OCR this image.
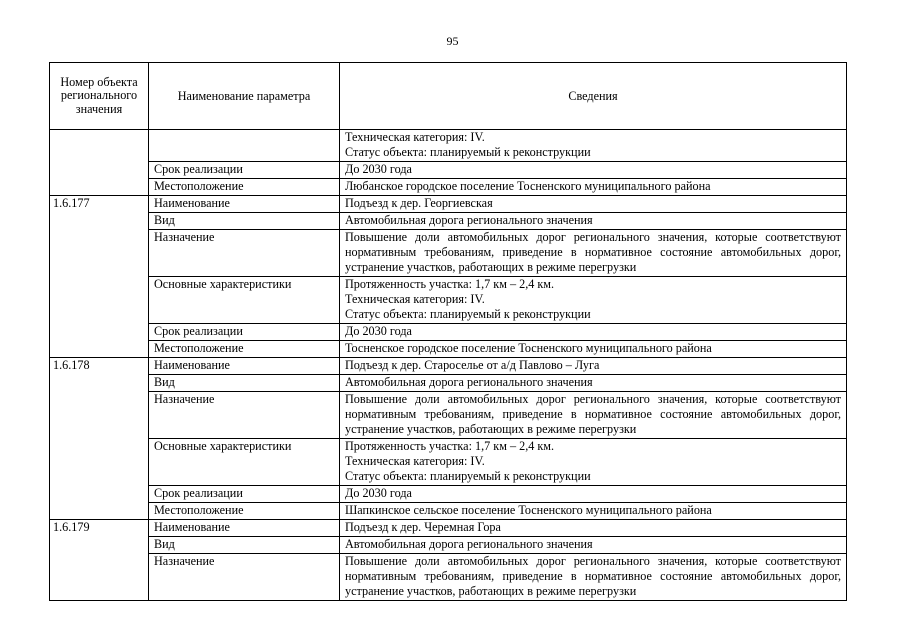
95
Номер объекта регионального значения	Наименование параметра	Сведения

		Техническая категория: IV.
Статус объекта: планируемый к реконструкции

	Срок реализации	До 2030 года

	Местоположение	Любанское городское поселение Тосненского муниципального района

1.6.177	Наименование	Подъезд к дер. Георгиевская

	Вид	Автомобильная дорога регионального значения

	Назначение	Повышение доли автомобильных дорог регионального значения, которые соответствуют нормативным требованиям, приведение в нормативное состояние автомобильных дорог, устранение участков, работающих в режиме перегрузки

	Основные характеристики	Протяженность участка: 1,7 км – 2,4 км.
Техническая категория: IV.
Статус объекта: планируемый к реконструкции

	Срок реализации	До 2030 года

	Местоположение	Тосненское городское поселение Тосненского муниципального района

1.6.178	Наименование	Подъезд к дер. Староселье от а/д Павлово – Луга

	Вид	Автомобильная дорога регионального значения

	Назначение	Повышение доли автомобильных дорог регионального значения, которые соответствуют нормативным требованиям, приведение в нормативное состояние автомобильных дорог, устранение участков, работающих в режиме перегрузки

	Основные характеристики	Протяженность участка: 1,7 км – 2,4 км.
Техническая категория: IV.
Статус объекта: планируемый к реконструкции

	Срок реализации	До 2030 года

	Местоположение	Шапкинское сельское поселение Тосненского муниципального района

1.6.179	Наименование	Подъезд к дер. Черемная Гора

	Вид	Автомобильная дорога регионального значения

	Назначение	Повышение доли автомобильных дорог регионального значения, которые соответствуют нормативным требованиям, приведение в нормативное состояние автомобильных дорог, устранение участков, работающих в режиме перегрузки
